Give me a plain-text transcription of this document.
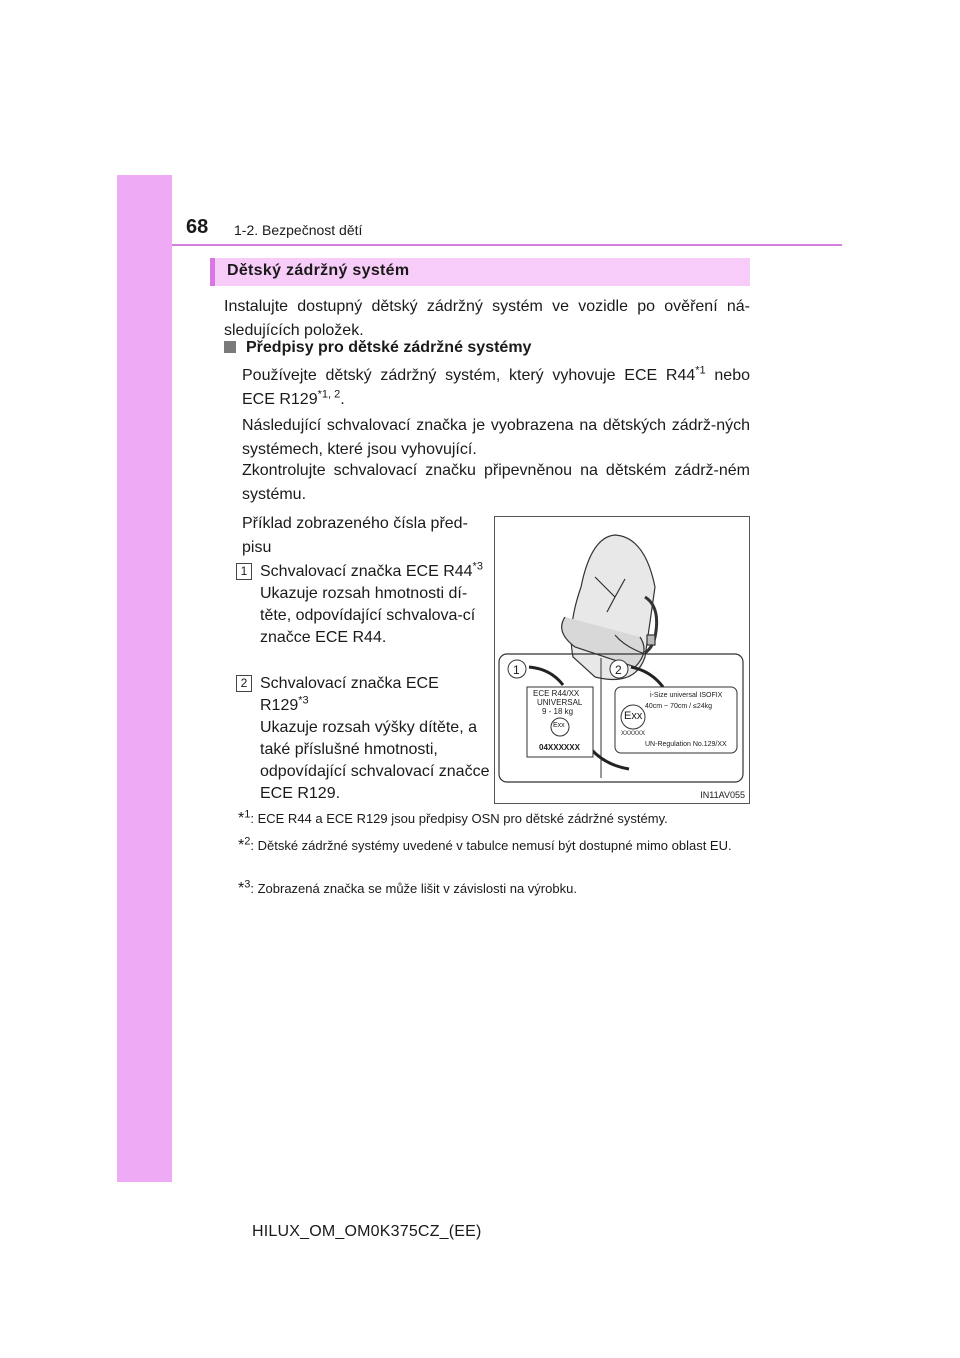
68 1-2. Bezpečnost dětí
Dětský zádržný systém
Instalujte dostupný dětský zádržný systém ve vozidle po ověření ná-sledujících položek.
Předpisy pro dětské zádržné systémy
Používejte dětský zádržný systém, který vyhovuje ECE R44$^{*1}$ nebo ECE R129$^{*1, 2}$.
Následující schvalovací značka je vyobrazena na dětských zádrž-ných systémech, které jsou vyhovující.
Zkontrolujte schvalovací značku připevněnou na dětském zádrž-ném systému.
Příklad zobrazeného čísla před-pisu
1 Schvalovací značka ECE R44$^{*3}$
Ukazuje rozsah hmotnosti dí-těte, odpovídající schvalova-cí značce ECE R44.
2 Schvalovací značka ECE R129$^{*3}$
Ukazuje rozsah výšky dítěte, a také příslušné hmotnosti, odpovídající schvalovací značce ECE R129.
1	2
ECE R44/XX
UNIVERSAL
9 - 18 kg
Exx
04XXXXXX
i-Size universal ISOFIX
40cm ~ 70cm / ≤24kg
Exx
XXXXXX
UN-Regulation No.129/XX
IN11AV055
*$^1$: ECE R44 a ECE R129 jsou předpisy OSN pro dětské zádržné systémy.
*$^2$: Dětské zádržné systémy uvedené v tabulce nemusí být dostupné mimo oblast EU.
*$^3$: Zobrazená značka se může lišit v závislosti na výrobku.
HILUX_OM_OM0K375CZ_(EE)
